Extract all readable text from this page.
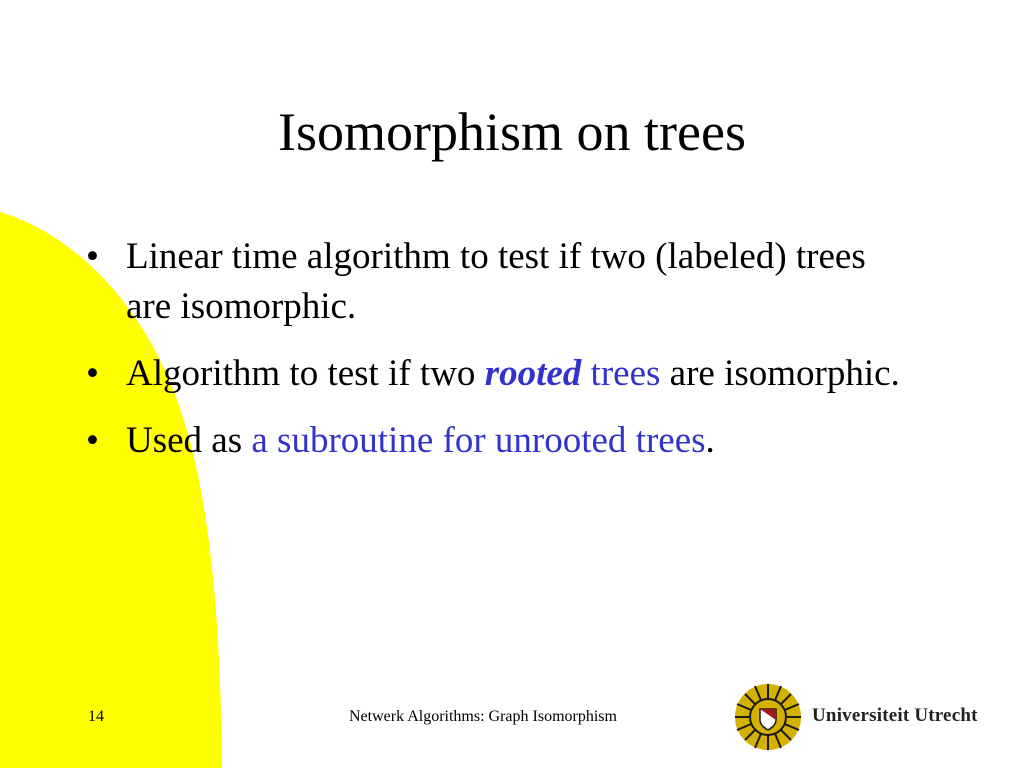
Isomorphism on trees
• Linear time algorithm to test if two (labeled) trees are isomorphic.
• Algorithm to test if two rooted trees are isomorphic.
• Used as a subroutine for unrooted trees.
14	Netwerk Algorithms: Graph Isomorphism	Universiteit Utrecht
